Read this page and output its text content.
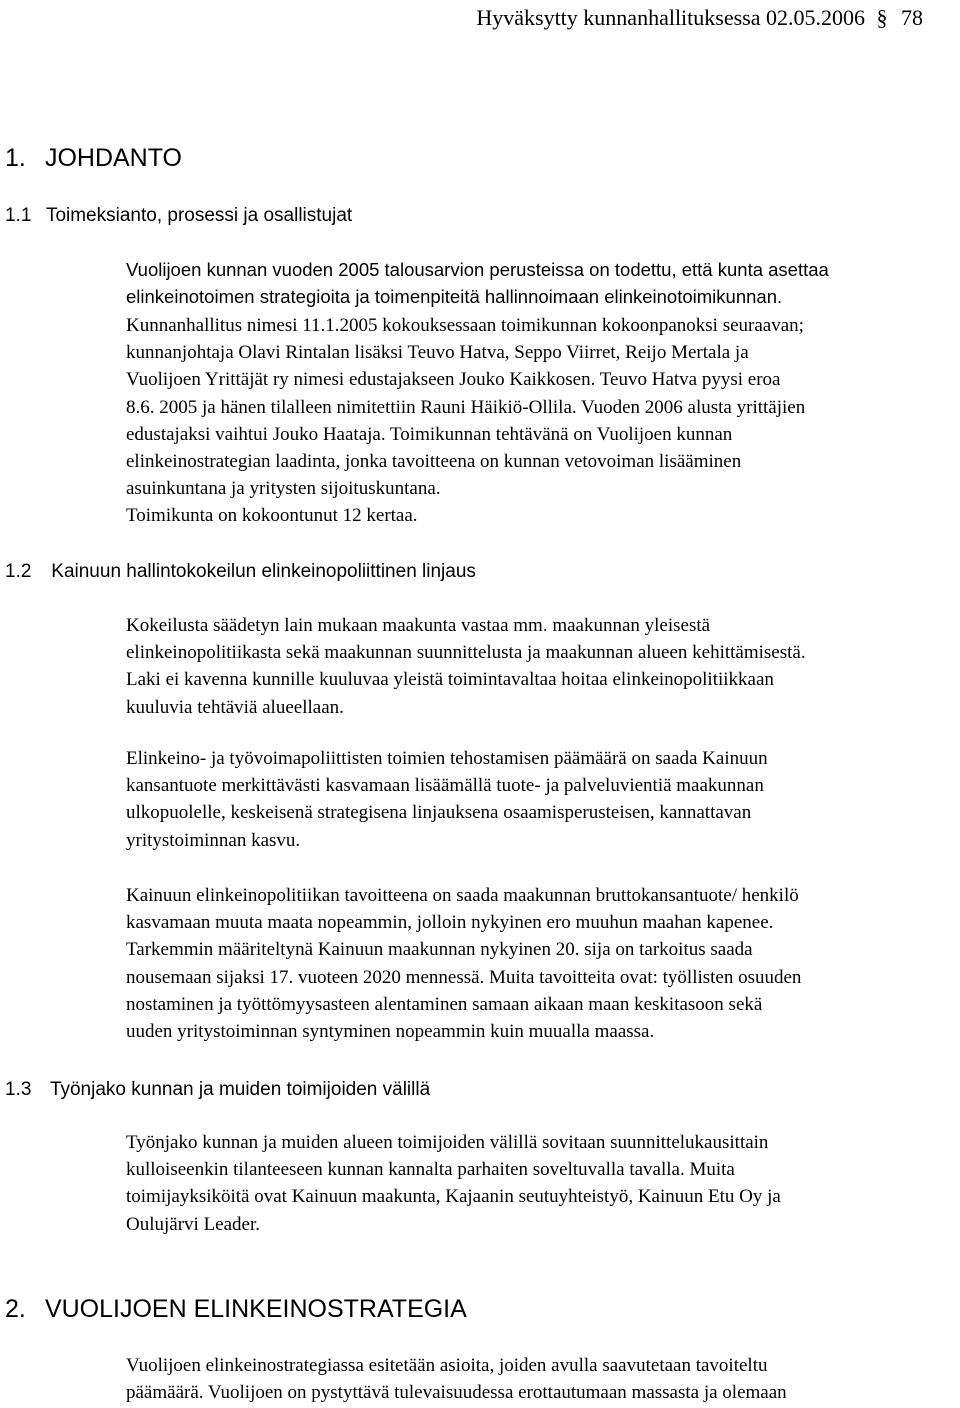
Hyväksytty kunnanhallituksessa 02.05.2006 § 78
1. JOHDANTO
1.1 Toimeksianto, prosessi ja osallistujat
Vuolijoen kunnan vuoden 2005 talousarvion perusteissa on todettu, että kunta asettaa
elinkeinotoimen strategioita ja toimenpiteitä hallinnoimaan elinkeinotoimikunnan.
Kunnanhallitus nimesi 11.1.2005 kokouksessaan toimikunnan kokoonpanoksi seuraavan;
kunnanjohtaja Olavi Rintalan lisäksi Teuvo Hatva, Seppo Viirret, Reijo Mertala ja
Vuolijoen Yrittäjät ry nimesi edustajakseen Jouko Kaikkosen. Teuvo Hatva pyysi eroa
8.6. 2005 ja hänen tilalleen nimitettiin Rauni Häikiö-Ollila. Vuoden 2006 alusta yrittäjien
edustajaksi vaihtui Jouko Haataja. Toimikunnan tehtävänä on Vuolijoen kunnan
elinkeinostrategian laadinta, jonka tavoitteena on kunnan vetovoiman lisääminen
asuinkuntana ja yritysten sijoituskuntana.
Toimikunta on kokoontunut 12 kertaa.
1.2 Kainuun hallintokokeilun elinkeinopoliittinen linjaus
Kokeilusta säädetyn lain mukaan maakunta vastaa mm. maakunnan yleisestä
elinkeinopolitiikasta sekä maakunnan suunnittelusta ja maakunnan alueen kehittämisestä.
Laki ei kavenna kunnille kuuluvaa yleistä toimintavaltaa hoitaa elinkeinopolitiikkaan
kuuluvia tehtäviä alueellaan.
Elinkeino- ja työvoimapoliittisten toimien tehostamisen päämäärä on saada Kainuun
kansantuote merkittävästi kasvamaan lisäämällä tuote- ja palveluvientiä maakunnan
ulkopuolelle, keskeisenä strategisena linjauksena osaamisperusteisen, kannattavan
yritystoiminnan kasvu.
Kainuun elinkeinopolitiikan tavoitteena on saada maakunnan bruttokansantuote/ henkilö
kasvamaan muuta maata nopeammin, jolloin nykyinen ero muuhun maahan kapenee.
Tarkemmin määriteltynä Kainuun maakunnan nykyinen 20. sija on tarkoitus saada
nousemaan sijaksi 17. vuoteen 2020 mennessä. Muita tavoitteita ovat: työllisten osuuden
nostaminen ja työttömyysasteen alentaminen samaan aikaan maan keskitasoon sekä
uuden yritystoiminnan syntyminen nopeammin kuin muualla maassa.
1.3 Työnjako kunnan ja muiden toimijoiden välillä
Työnjako kunnan ja muiden alueen toimijoiden välillä sovitaan suunnittelukausittain
kulloiseenkin tilanteeseen kunnan kannalta parhaiten soveltuvalla tavalla. Muita
toimijayksiköitä ovat Kainuun maakunta, Kajaanin seutuyhteistyö, Kainuun Etu Oy ja
Oulujärvi Leader.
2. VUOLIJOEN ELINKEINOSTRATEGIA
Vuolijoen elinkeinostrategiassa esitetään asioita, joiden avulla saavutetaan tavoiteltu
päämäärä. Vuolijoen on pystyttävä tulevaisuudessa erottautumaan massasta ja olemaan
